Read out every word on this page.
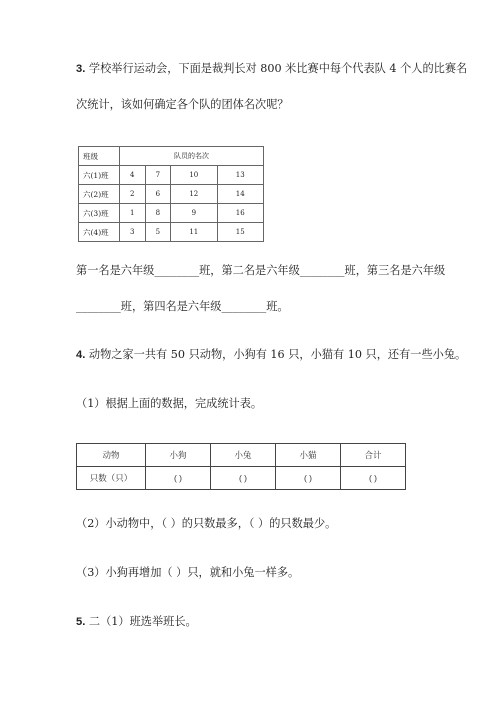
3. 学校举行运动会，下面是裁判长对 800 米比赛中每个代表队 4 个人的比赛名
次统计，该如何确定各个队的团体名次呢？
班级	队员的名次			
六(1)班	4	7	10	13
六(2)班	2	6	12	14
六(3)班	1	8	9	16
六(4)班	3	5	11	15
第一名是六年级________班，第二名是六年级________班，第三名是六年级
________班，第四名是六年级________班。
4. 动物之家一共有 50 只动物，小狗有 16 只，小猫有 10 只，还有一些小兔。
（1）根据上面的数据，完成统计表。
动物	小狗	小兔	小猫	合计
只数（只）	( )	( )	( )	( )
（2）小动物中，（ ）的只数最多，（ ）的只数最少。
（3）小狗再增加（ ）只，就和小兔一样多。
5. 二（1）班选举班长。
